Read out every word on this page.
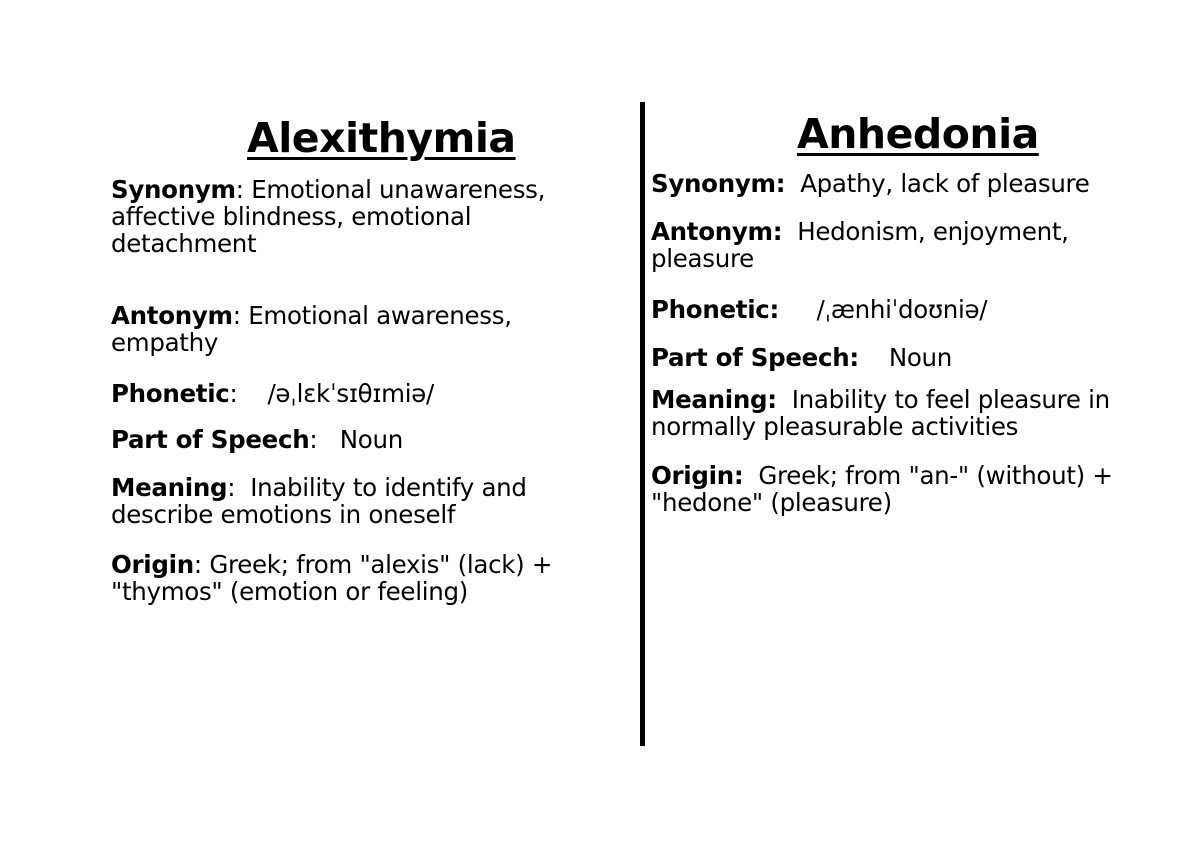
Alexithymia
Synonym: Emotional unawareness, affective blindness, emotional detachment
Antonym: Emotional awareness, empathy
Phonetic:    /əˌlɛkˈsɪθɪmiə/
Part of Speech:   Noun
Meaning:  Inability to identify and describe emotions in oneself
Origin: Greek; from "alexis" (lack) + "thymos" (emotion or feeling)
Anhedonia
Synonym: Apathy, lack of pleasure
Antonym: Hedonism, enjoyment, pleasure
Phonetic: /ˌænhiˈdoʊniə/
Part of Speech: Noun
Meaning: Inability to feel pleasure in normally pleasurable activities
Origin: Greek; from "an-" (without) + "hedone" (pleasure)
